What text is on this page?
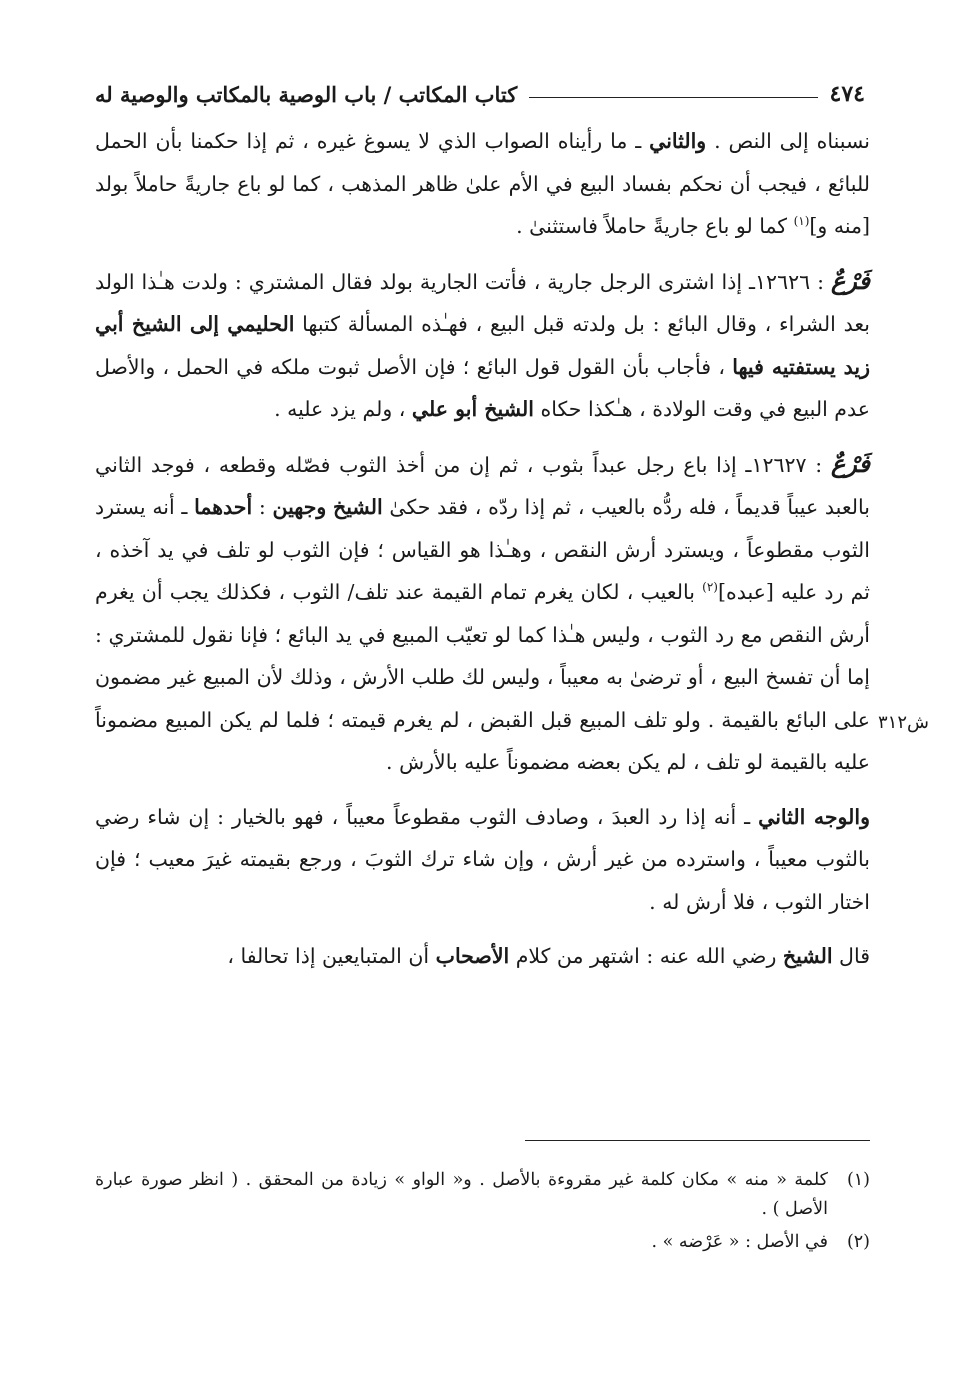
٤٧٤
كتاب المكاتب / باب الوصية بالمكاتب والوصية له
ش٣١٢

نسبناه إلى النص . والثاني ـ ما رأيناه الصواب الذي لا يسوغ غيره ، ثم إذا حكمنا بأن الحمل للبائع ، فيجب أن نحكم بفساد البيع في الأم علىٰ ظاهر المذهب ، كما لو باع جاريةً حاملاً بولد [منه و]$^{(١)}$ كما لو باع جاريةً حاملاً فاستثنىٰ .

فَرْعٌ : ١٢٦٢٦ـ إذا اشترى الرجل جارية ، فأتت الجارية بولد فقال المشتري : ولدت هـٰذا الولد بعد الشراء ، وقال البائع : بل ولدته قبل البيع ، فهـٰذه المسألة كتبها الحليمي إلى الشيخ أبي زيد يستفتيه فيها ، فأجاب بأن القول قول البائع ؛ فإن الأصل ثبوت ملكه في الحمل ، والأصل عدم البيع في وقت الولادة ، هـٰكذا حكاه الشيخ أبو علي ، ولم يزد عليه .

فَرْعٌ : ١٢٦٢٧ـ إذا باع رجل عبداً بثوب ، ثم إن من أخذ الثوب فصّله وقطعه ، فوجد الثاني بالعبد عيباً قديماً ، فله ردُّه بالعيب ، ثم إذا ردّه ، فقد حكىٰ الشيخ وجهين : أحدهما ـ أنه يسترد الثوب مقطوعاً ، ويسترد أرش النقص ، وهـٰذا هو القياس ؛ فإن الثوب لو تلف في يد آخذه ، ثم رد عليه [عبده]$^{(٢)}$ بالعيب ، لكان يغرم تمام القيمة عند تلف/ الثوب ، فكذلك يجب أن يغرم أرش النقص مع رد الثوب ، وليس هـٰذا كما لو تعيّب المبيع في يد البائع ؛ فإنا نقول للمشتري : إما أن تفسخ البيع ، أو ترضىٰ به معيباً ، وليس لك طلب الأرش ، وذلك لأن المبيع غير مضمون على البائع بالقيمة . ولو تلف المبيع قبل القبض ، لم يغرم قيمته ؛ فلما لم يكن المبيع مضموناً عليه بالقيمة لو تلف ، لم يكن بعضه مضموناً عليه بالأرش .

والوجه الثاني ـ أنه إذا رد العبدَ ، وصادف الثوب مقطوعاً معيباً ، فهو بالخيار : إن شاء رضي بالثوب معيباً ، واسترده من غير أرش ، وإن شاء ترك الثوبَ ، ورجع بقيمته غيرَ معيب ؛ فإن اختار الثوب ، فلا أرش له .

قال الشيخ رضي الله عنه : اشتهر من كلام الأصحاب أن المتبايعين إذا تحالفا ،

(١)
كلمة « منه » مكان كلمة غير مقروءة بالأصل . و« الواو » زيادة من المحقق . ( انظر صورة عبارة الأصل ) .
(٢)
في الأصل : « عَرْضه » .
